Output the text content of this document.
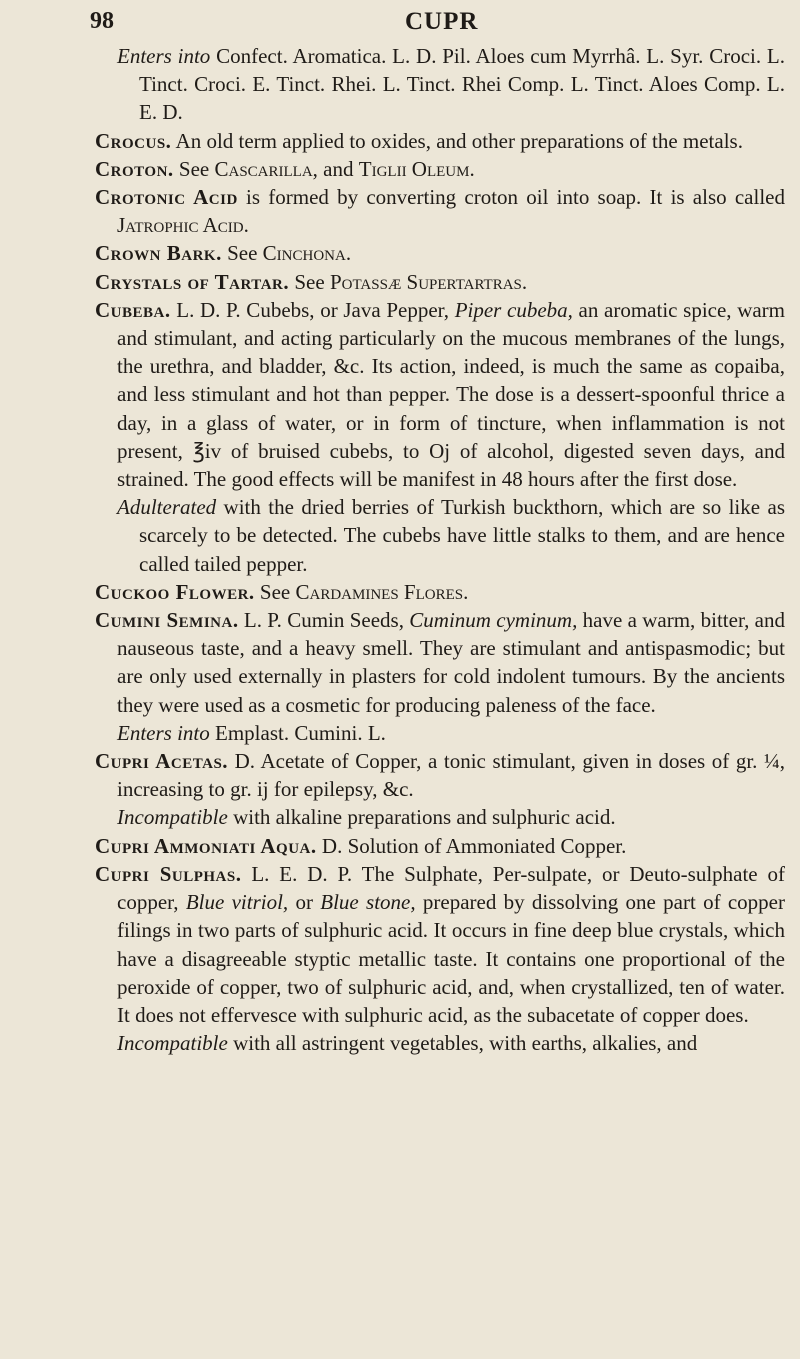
98	CUPR

Enters into Confect. Aromatica. L. D. Pil. Aloes cum Myrrhâ. L. Syr. Croci. L. Tinct. Croci. E. Tinct. Rhei. L. Tinct. Rhei Comp. L. Tinct. Aloes Comp. L. E. D.

Crocus. An old term applied to oxides, and other preparations of the metals.

Croton. See Cascarilla, and Tiglii Oleum.

Crotonic Acid is formed by converting croton oil into soap. It is also called Jatrophic Acid.

Crown Bark. See Cinchona.

Crystals of Tartar. See Potassæ Supertartras.

Cubeba. L. D. P. Cubebs, or Java Pepper, Piper cubeba, an aromatic spice, warm and stimulant, and acting particularly on the mucous membranes of the lungs, the urethra, and bladder, &c. Its action, indeed, is much the same as copaiba, and less stimulant and hot than pepper. The dose is a dessert-spoonful thrice a day, in a glass of water, or in form of tincture, when inflammation is not present, ℥iv of bruised cubebs, to Oj of alcohol, digested seven days, and strained. The good effects will be manifest in 48 hours after the first dose.

Adulterated with the dried berries of Turkish buckthorn, which are so like as scarcely to be detected. The cubebs have little stalks to them, and are hence called tailed pepper.

Cuckoo Flower. See Cardamines Flores.

Cumini Semina. L. P. Cumin Seeds, Cuminum cyminum, have a warm, bitter, and nauseous taste, and a heavy smell. They are stimulant and antispasmodic; but are only used externally in plasters for cold indolent tumours. By the ancients they were used as a cosmetic for producing paleness of the face.

Enters into Emplast. Cumini. L.

Cupri Acetas. D. Acetate of Copper, a tonic stimulant, given in doses of gr. ¼, increasing to gr. ij for epilepsy, &c.

Incompatible with alkaline preparations and sulphuric acid.

Cupri Ammoniati Aqua. D. Solution of Ammoniated Copper.

Cupri Sulphas. L. E. D. P. The Sulphate, Per-sulpate, or Deuto-sulphate of copper, Blue vitriol, or Blue stone, prepared by dissolving one part of copper filings in two parts of sulphuric acid. It occurs in fine deep blue crystals, which have a disagreeable styptic metallic taste. It contains one proportional of the peroxide of copper, two of sulphuric acid, and, when crystallized, ten of water. It does not effervesce with sulphuric acid, as the subacetate of copper does.

Incompatible with all astringent vegetables, with earths, alkalies, and
